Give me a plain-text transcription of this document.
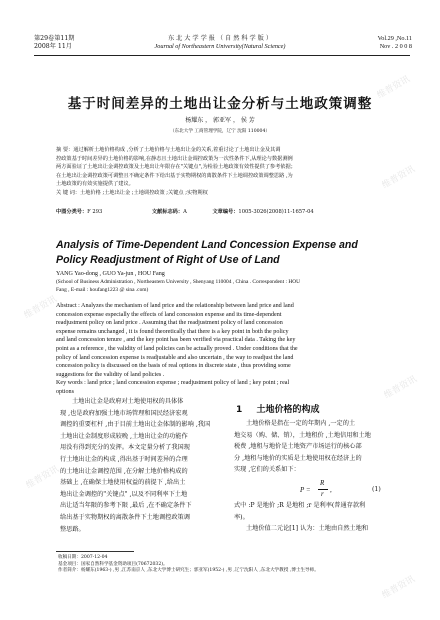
第29卷第11期
2008年 11月
东 北 大 学 学 报 （ 自 然 科 学 版 ）
Journal of Northeastern University(Natural Science)
Vol.29 ,No.11
Nov . 2 0 0 8
基于时间差异的土地出让金分析与土地政策调整
杨耀东 ， 郭亚军 ， 侯 芳
（东北大学 工商管理学院，辽宁 沈阳 110004）
摘 要：通过解析土地价格构成 ,分析了土地价格与土地出让金的关系,着重讨论了土地出让金及其调
控政策基于时间差异的土地价格的影响,在静态且土地出让金调控政策为一次性条件下,从理论与数据测例
两方面验证了土地出让金调控政策及土地出让年限存在"关键点",为检验土地政策有效性提供了参考依据；
在土地出让金调控政策可调整且不确定条件下给出基于实物期权的离散条件下土地调控政策调整思路 ,为
土地政策的有效实施提供了建议。
关 键 词：土地价格 ;土地出让金 ;土地调控政策 ;关键点 ;实物期权
中图分类号：F 293	文献标志码：A	文章编号：1005-3026(2008)11-1657-04
Analysis of Time-Dependent Land Concession Expense and
Policy Readjustment of Right of Use of Land
YANG Yao-dong , GUO Ya-jun , HOU Fang
(School of Business Administration , Northeastern University , Shenyang 110004 , China . Correspondent : HOU
Fang , E-mail : houfang1223 @ sina .com)
Abstract : Analyzes the mechanism of land price and the relationship between land price and land
concession expense especially the effects of land concession expense and its time-dependent
readjustment policy on land price . Assuming that the readjustment policy of land concession
expense remains unchanged , it is found theoretically that there is a key point in both the policy
and land concession tenure , and the key point has been verified via practical data . Taking the key
point as a reference , the validity of land policies can be actually proved . Under conditions that the
policy of land concession expense is readjustable and also uncertain , the way to readjust the land
concession policy is discussed on the basis of real options in discrete state , thus providing some
suggestions for the validity of land policies .
Key words : land price ; land concession expense ; readjustment policy of land ; key point ; real
options
土地出让金是政府对土地使用权的具体体
现 ,也是政府加强土地市场管理和国民经济宏观
调控的重要杠杆 ,由于目前土地出让金体制的影响 ,我国
土地出让金制度形成较晚 ,土地出让金的功能作
用没有得到充分的发挥。本文定量分析了我国现
行土地出让金的构成 ,得出基于时间差异的合理
的土地出让金调控范围 ,在分解土地价格构成的
基础上 ,在确保土地使用权益的前提下 ,给出土
地出让金调控的"关键点" ,以及不同利率下土地
出让适当年限的参考下限 ,最后 ,在不确定条件下
给出基于实物期权的离散条件下土地调控政策调
整思路。
1 土地价格的构成
土地价格是指在一定的年期内 ,一定的土
地交易（购、储、销），土地租价 ,土地信用和土地
税费 ,地租与地价是土地资产市场运行的核心部
分 ,地租与地价的实质是土地使用权在经济上的
实现 ,它们的关系如下：
P =
R
r ,	(1)
式中 :P 是地价 ;R 是地租 ;r 是利率(普通存款利
率)。
土地价值二元论[1] 认为：土地由自然土地和
收稿日期：2007-12-04
基金项目：国家自然科学基金资助项目(70672032)。
作者简介：杨耀东(1963-) ,男 ,江苏南京人 ,东北大学博士研究生；郭亚军(1952-) ,男 ,辽宁沈阳人 ,东北大学教授 ,博士生导师。
维普资讯
维普资讯
维普资讯
维普资讯
维普资讯
维普资讯
